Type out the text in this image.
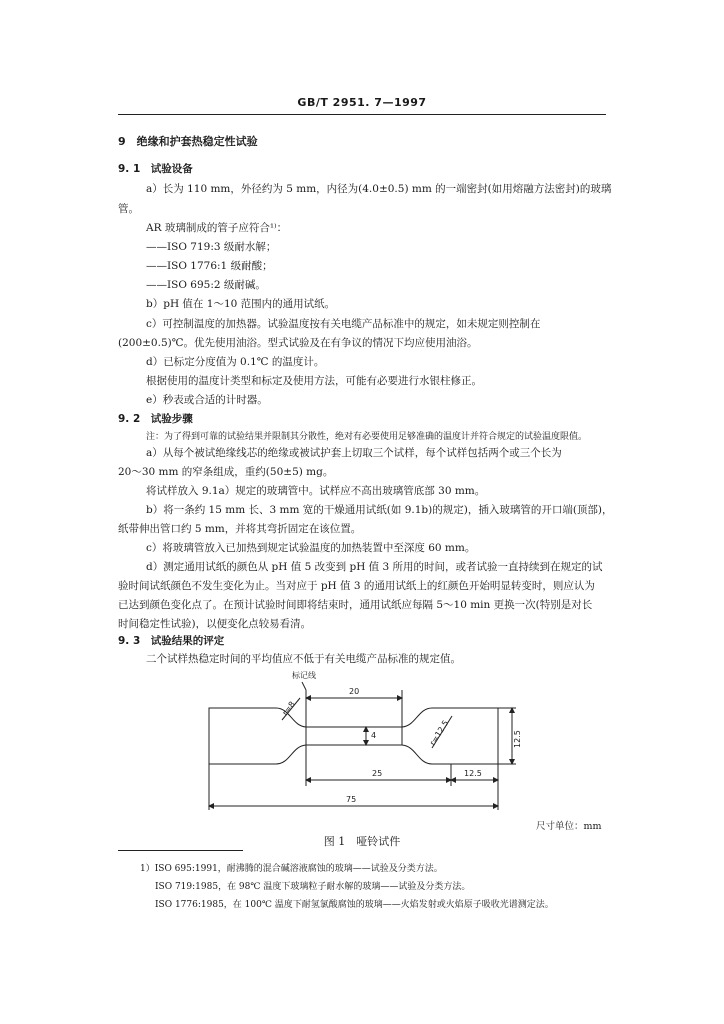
GB/T 2951. 7—1997
9　绝缘和护套热稳定性试验
9. 1　试验设备
a）长为 110 mm，外径约为 5 mm，内径为(4.0±0.5) mm 的一端密封(如用熔融方法密封)的玻璃
管。
AR 玻璃制成的管子应符合¹⁾：
——ISO 719:3 级耐水解；
——ISO 1776:1 级耐酸；
——ISO 695:2 级耐碱。
b）pH 值在 1～10 范围内的通用试纸。
c）可控制温度的加热器。试验温度按有关电缆产品标准中的规定，如未规定则控制在
(200±0.5)℃。优先使用油浴。型式试验及在有争议的情况下均应使用油浴。
d）已标定分度值为 0.1℃ 的温度计。
根据使用的温度计类型和标定及使用方法，可能有必要进行水银柱修正。
e）秒表或合适的计时器。
9. 2　试验步骤
注：为了得到可靠的试验结果并限制其分散性，绝对有必要使用足够准确的温度计并符合规定的试验温度限值。
a）从每个被试绝缘线芯的绝缘或被试护套上切取三个试样，每个试样包括两个或三个长为
20～30 mm 的窄条组成，重约(50±5) mg。
将试样放入 9.1a）规定的玻璃管中。试样应不高出玻璃管底部 30 mm。
b）将一条约 15 mm 长、3 mm 宽的干燥通用试纸(如 9.1b)的规定)，插入玻璃管的开口端(顶部)，
纸带伸出管口约 5 mm，并将其弯折固定在该位置。
c）将玻璃管放入已加热到规定试验温度的加热装置中至深度 60 mm。
d）测定通用试纸的颜色从 pH 值 5 改变到 pH 值 3 所用的时间，或者试验一直持续到在规定的试
验时间试纸颜色不发生变化为止。当对应于 pH 值 3 的通用试纸上的红颜色开始明显转变时，则应认为
已达到颜色变化点了。在预计试验时间即将结束时，通用试纸应每隔 5～10 min 更换一次(特别是对长
时间稳定性试验)，以便变化点较易看清。
9. 3　试验结果的评定
二个试样热稳定时间的平均值应不低于有关电缆产品标准的规定值。
标记线
20
4
25	12.5
75
12.5
r=8
r=12.5
尺寸单位：mm
图 1　哑铃试件
1）ISO 695:1991，耐沸腾的混合碱溶液腐蚀的玻璃——试验及分类方法。
ISO 719:1985，在 98℃ 温度下玻璃粒子耐水解的玻璃——试验及分类方法。
ISO 1776:1985，在 100℃ 温度下耐氢氯酸腐蚀的玻璃——火焰发射或火焰原子吸收光谱测定法。
